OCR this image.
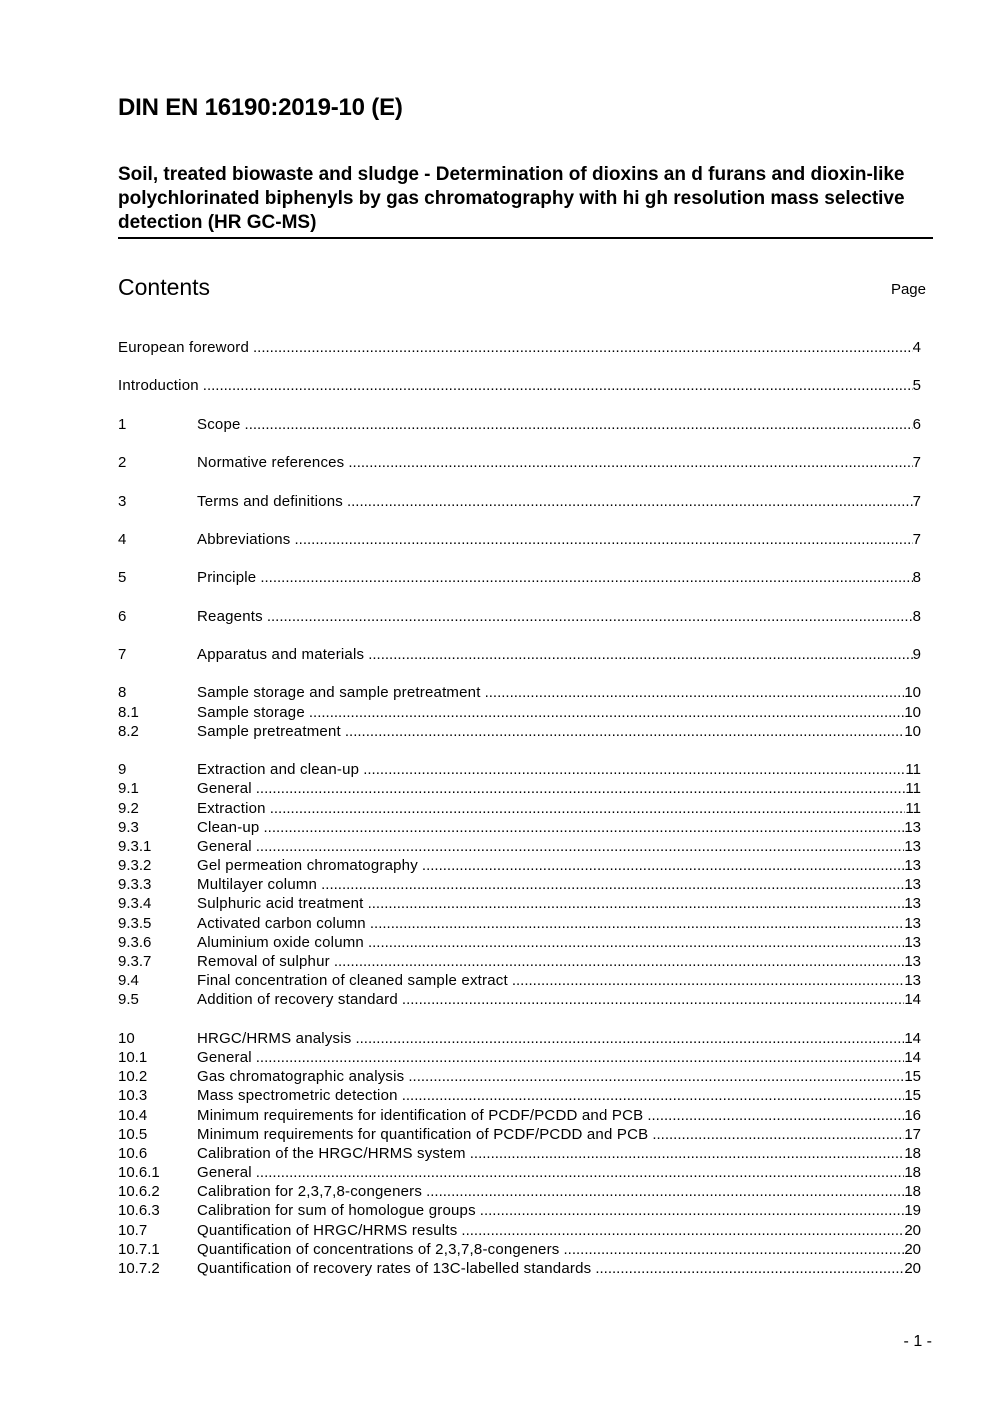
DIN EN 16190:2019-10 (E)
Soil, treated biowaste and sludge - Determination of dioxins an d furans and dioxin-like polychlorinated biphenyls by gas chromatography with hi gh resolution mass selective detection (HR GC-MS)
Contents	Page
European foreword .....	4
Introduction .....	5
1	Scope .....	6
2	Normative references .....	7
3	Terms and definitions .....	7
4	Abbreviations .....	7
5	Principle .....	8
6	Reagents .....	8
7	Apparatus and materials .....	9
8	Sample storage and sample pretreatment .....	10
8.1	Sample storage .....	10
8.2	Sample pretreatment .....	10
9	Extraction and clean-up .....	11
9.1	General .....	11
9.2	Extraction .....	11
9.3	Clean-up .....	13
9.3.1	General .....	13
9.3.2	Gel permeation chromatography .....	13
9.3.3	Multilayer column .....	13
9.3.4	Sulphuric acid treatment .....	13
9.3.5	Activated carbon column .....	13
9.3.6	Aluminium oxide column .....	13
9.3.7	Removal of sulphur .....	13
9.4	Final concentration of cleaned sample extract .....	13
9.5	Addition of recovery standard .....	14
10	HRGC/HRMS analysis .....	14
10.1	General .....	14
10.2	Gas chromatographic analysis .....	15
10.3	Mass spectrometric detection .....	15
10.4	Minimum requirements for identification of PCDF/PCDD and PCB .....	16
10.5	Minimum requirements for quantification of PCDF/PCDD and PCB .....	17
10.6	Calibration of the HRGC/HRMS system .....	18
10.6.1	General .....	18
10.6.2	Calibration for 2,3,7,8-congeners .....	18
10.6.3	Calibration for sum of homologue groups .....	19
10.7	Quantification of HRGC/HRMS results .....	20
10.7.1	Quantification of concentrations of 2,3,7,8-congeners .....	20
10.7.2	Quantification of recovery rates of 13C-labelled standards .....	20
- 1 -
